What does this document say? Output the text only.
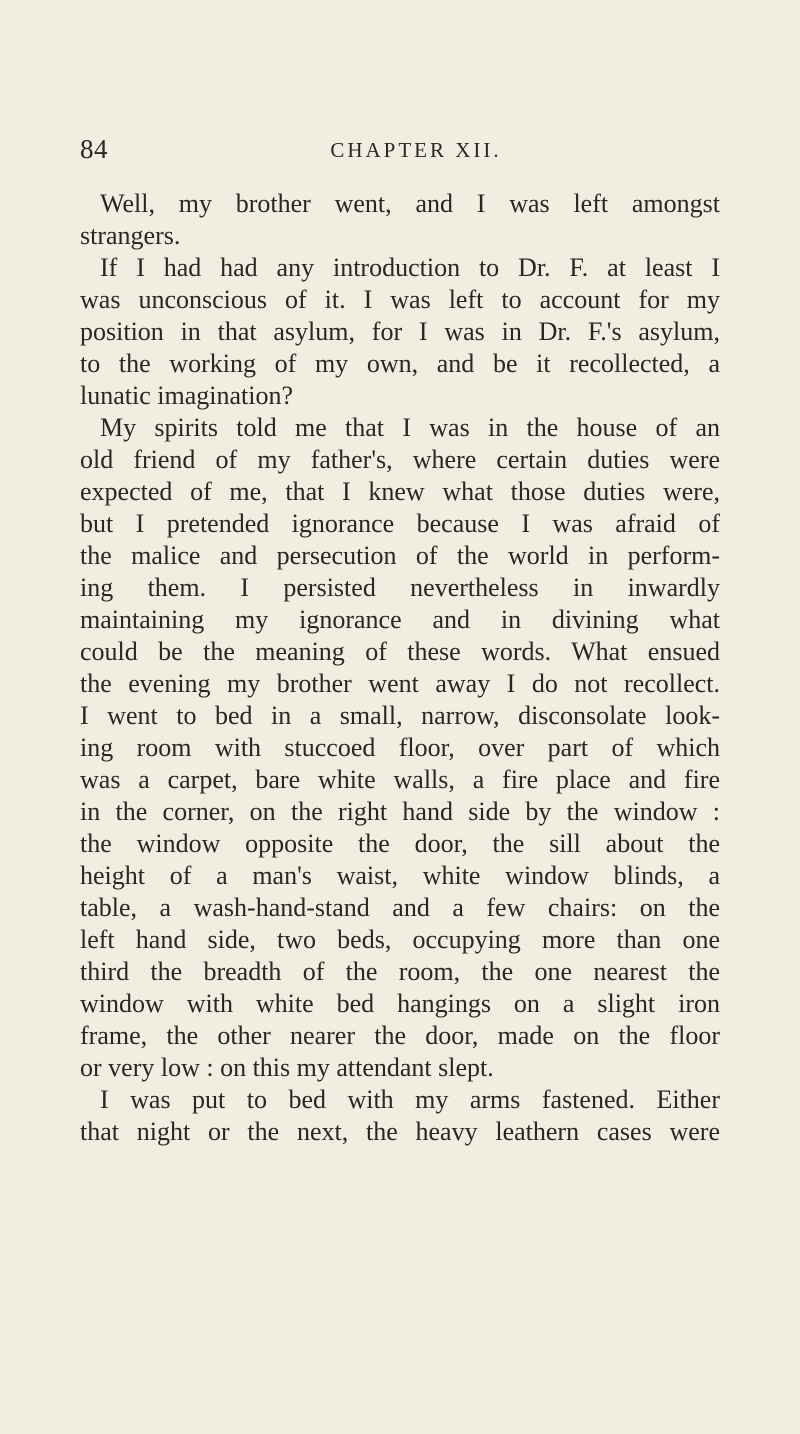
84	CHAPTER XII.
Well, my brother went, and I was left amongst
strangers.
If I had had any introduction to Dr. F. at least I
was unconscious of it. I was left to account for my
position in that asylum, for I was in Dr. F.'s asylum,
to the working of my own, and be it recollected, a
lunatic imagination?
My spirits told me that I was in the house of an
old friend of my father's, where certain duties were
expected of me, that I knew what those duties were,
but I pretended ignorance because I was afraid of
the malice and persecution of the world in perform-
ing them. I persisted nevertheless in inwardly
maintaining my ignorance and in divining what
could be the meaning of these words. What ensued
the evening my brother went away I do not recollect.
I went to bed in a small, narrow, disconsolate look-
ing room with stuccoed floor, over part of which
was a carpet, bare white walls, a fire place and fire
in the corner, on the right hand side by the window :
the window opposite the door, the sill about the
height of a man's waist, white window blinds, a
table, a wash-hand-stand and a few chairs: on the
left hand side, two beds, occupying more than one
third the breadth of the room, the one nearest the
window with white bed hangings on a slight iron
frame, the other nearer the door, made on the floor
or very low : on this my attendant slept.
I was put to bed with my arms fastened. Either
that night or the next, the heavy leathern cases were
